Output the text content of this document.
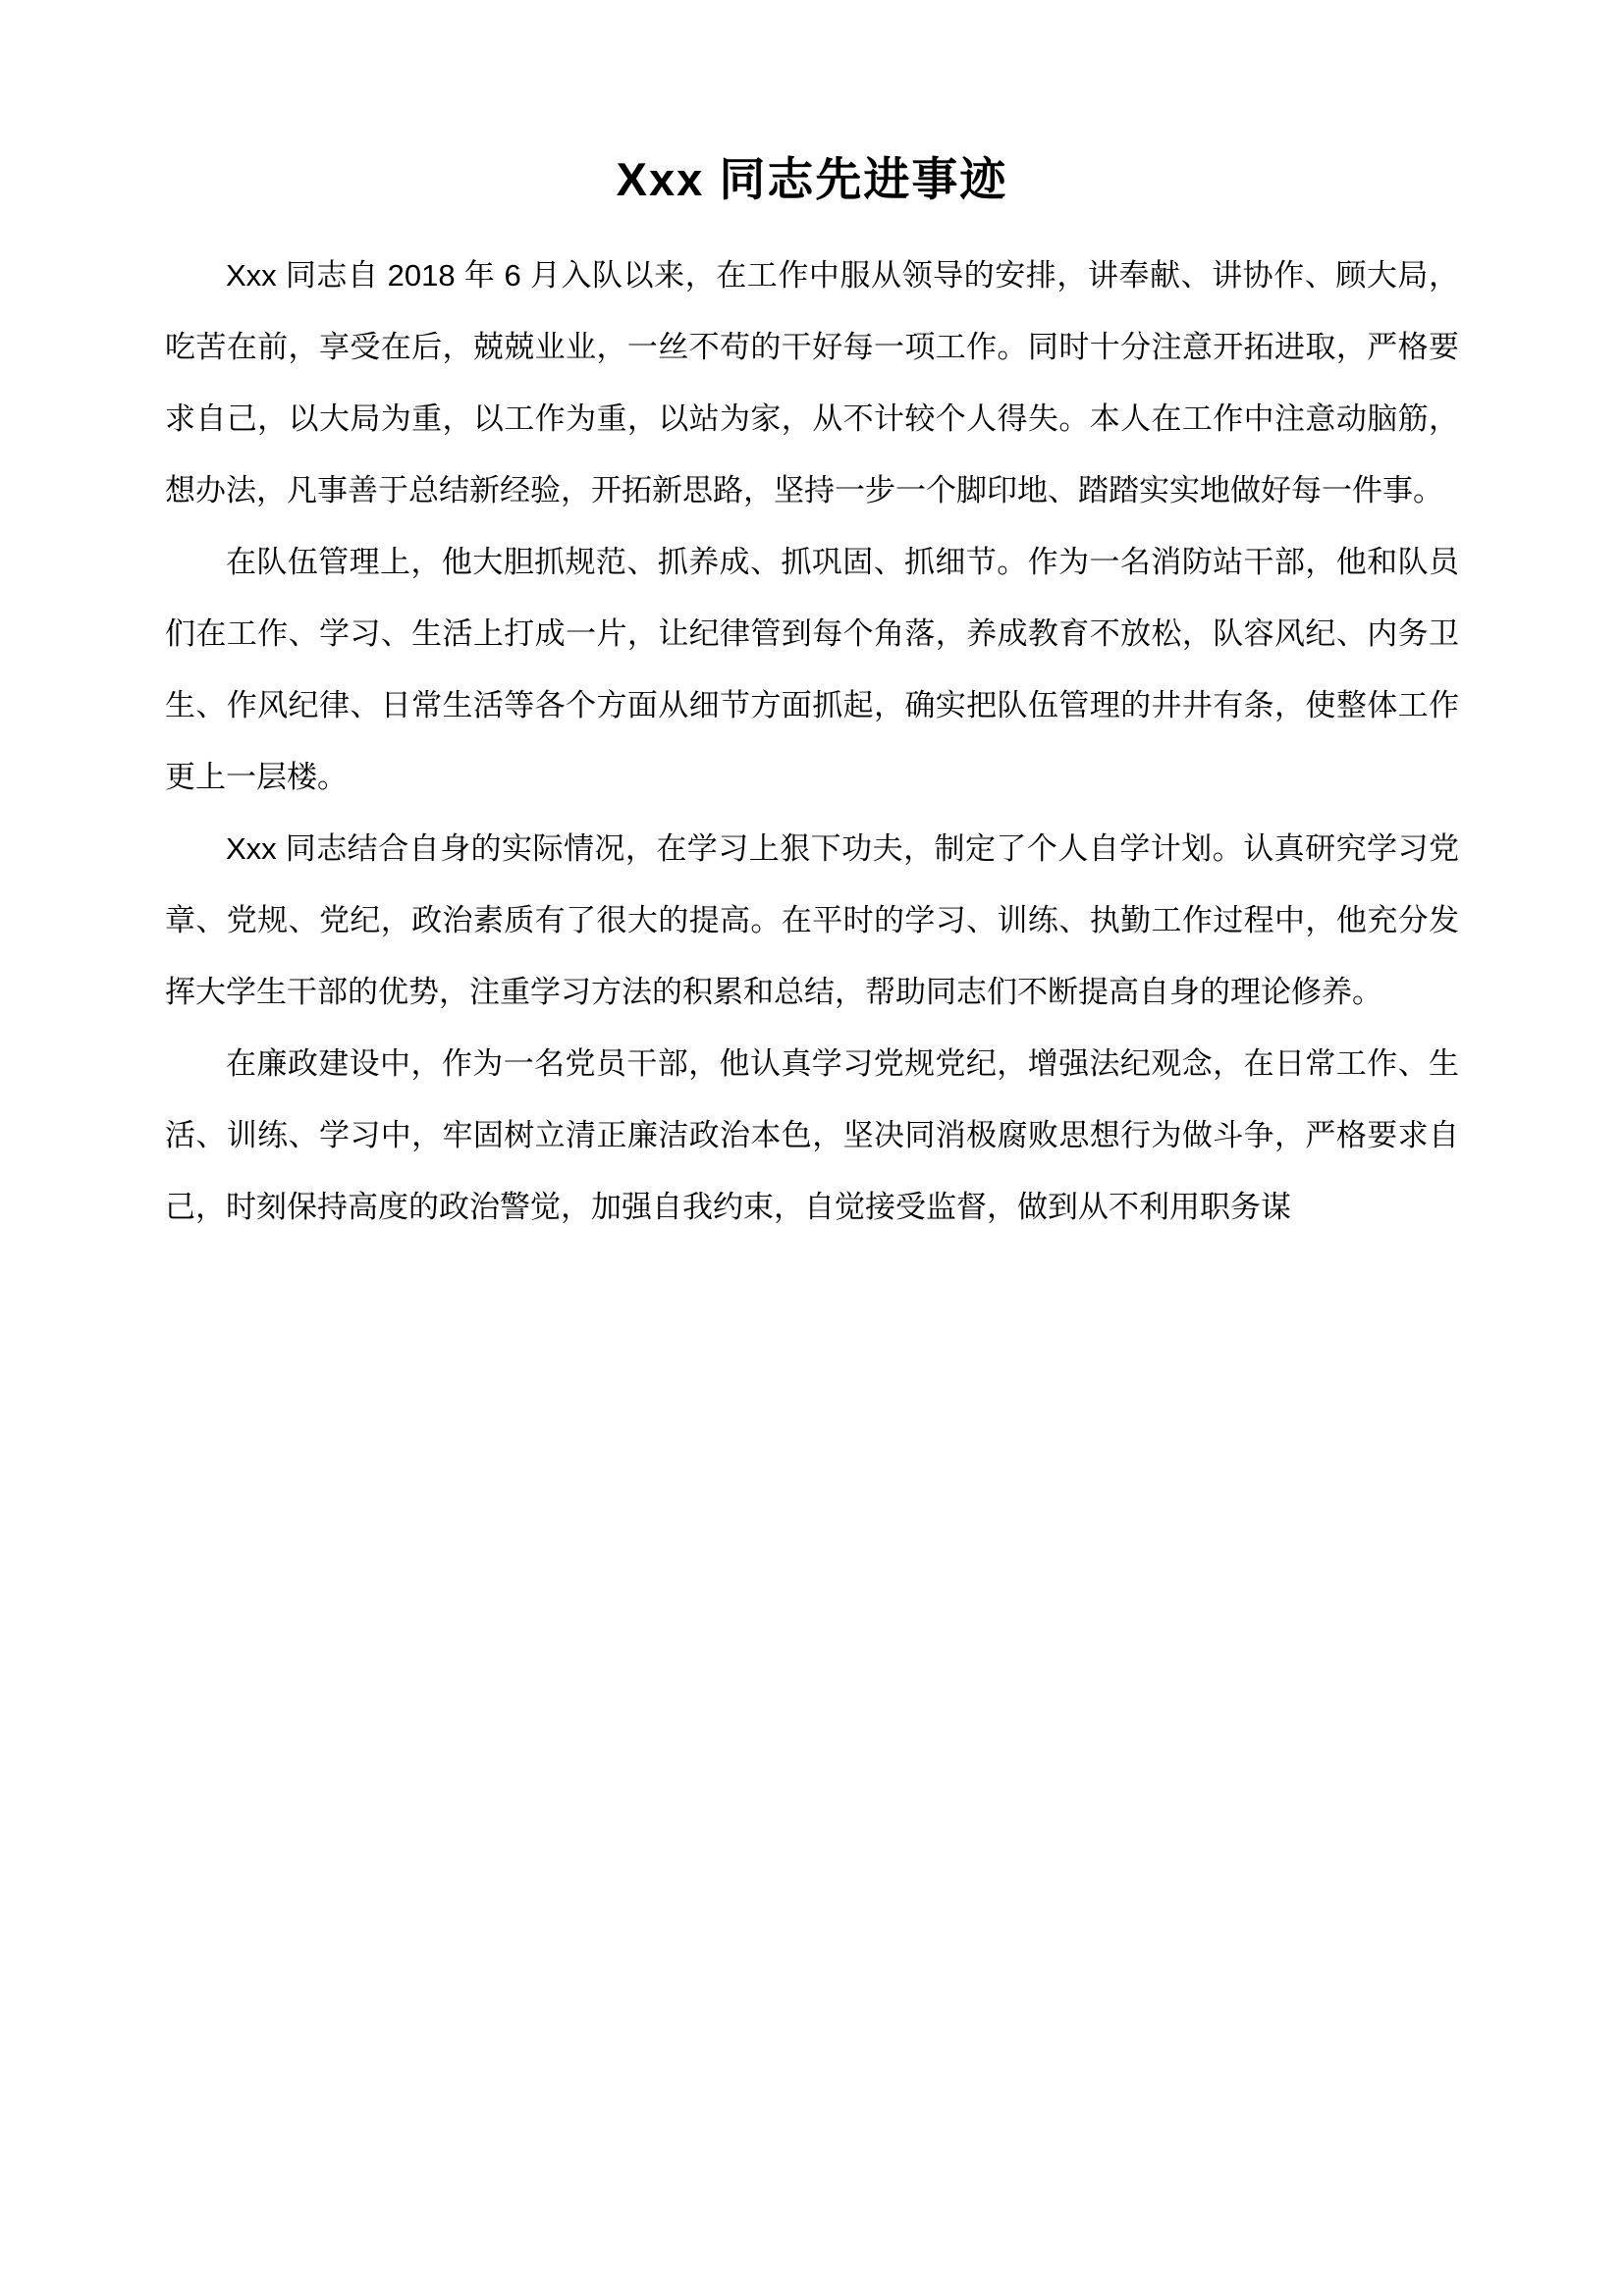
Xxx 同志先进事迹

Xxx 同志自 2018 年 6 月入队以来，在工作中服从领导的安排，讲奉献、讲协作、顾大局，吃苦在前，享受在后，兢兢业业，一丝不苟的干好每一项工作。同时十分注意开拓进取，严格要求自己，以大局为重，以工作为重，以站为家，从不计较个人得失。本人在工作中注意动脑筋，想办法，凡事善于总结新经验，开拓新思路，坚持一步一个脚印地、踏踏实实地做好每一件事。

在队伍管理上，他大胆抓规范、抓养成、抓巩固、抓细节。作为一名消防站干部，他和队员们在工作、学习、生活上打成一片，让纪律管到每个角落，养成教育不放松，队容风纪、内务卫生、作风纪律、日常生活等各个方面从细节方面抓起，确实把队伍管理的井井有条，使整体工作更上一层楼。

Xxx 同志结合自身的实际情况，在学习上狠下功夫，制定了个人自学计划。认真研究学习党章、党规、党纪，政治素质有了很大的提高。在平时的学习、训练、执勤工作过程中，他充分发挥大学生干部的优势，注重学习方法的积累和总结，帮助同志们不断提高自身的理论修养。

在廉政建设中，作为一名党员干部，他认真学习党规党纪，增强法纪观念，在日常工作、生活、训练、学习中，牢固树立清正廉洁政治本色，坚决同消极腐败思想行为做斗争，严格要求自己，时刻保持高度的政治警觉，加强自我约束，自觉接受监督，做到从不利用职务谋
